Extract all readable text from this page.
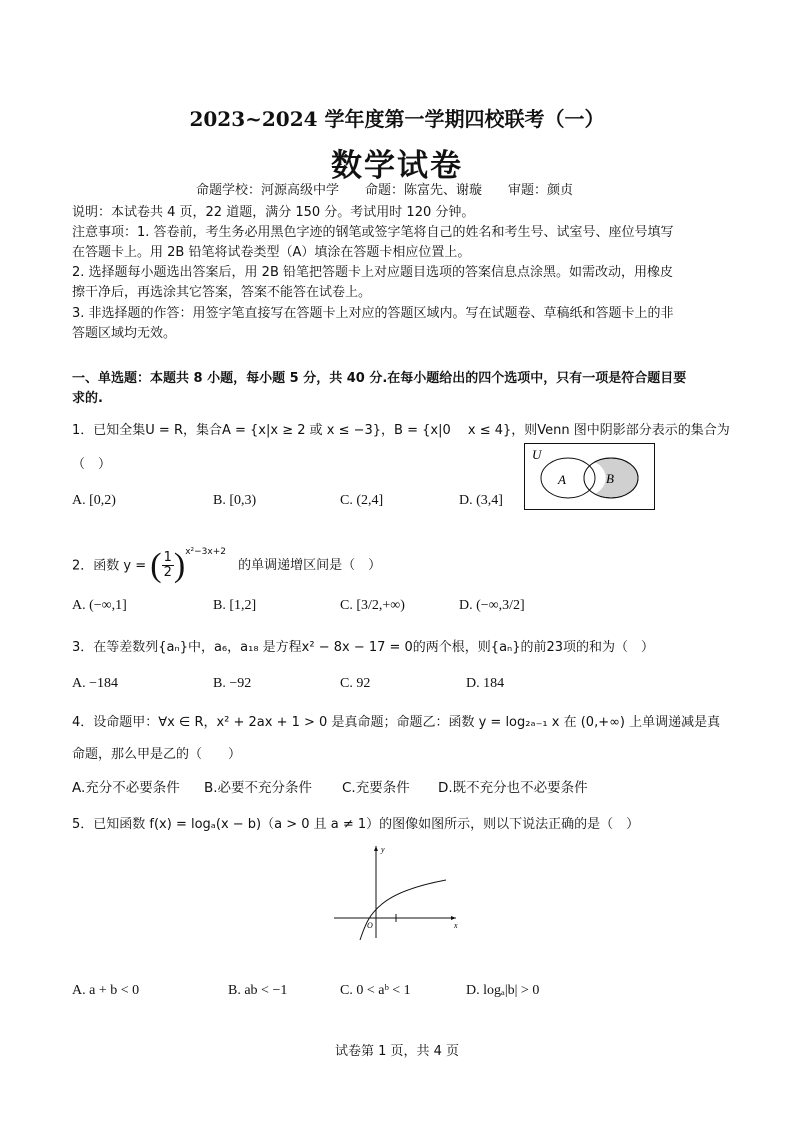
2023~2024 学年度第一学期四校联考（一）
数学试卷
命题学校：河源高级中学　　命题：陈富先、谢璇　　审题：颜贞
说明：本试卷共 4 页，22 道题，满分 150 分。考试用时 120 分钟。
注意事项：1. 答卷前，考生务必用黑色字迹的钢笔或签字笔将自己的姓名和考生号、试室号、座位号填写
在答题卡上。用 2B 铅笔将试卷类型（A）填涂在答题卡相应位置上。
2. 选择题每小题选出答案后，用 2B 铅笔把答题卡上对应题目选项的答案信息点涂黑。如需改动，用橡皮
擦干净后，再选涂其它答案，答案不能答在试卷上。
3. 非选择题的作答：用签字笔直接写在答题卡上对应的答题区域内。写在试题卷、草稿纸和答题卡上的非
答题区域均无效。
一、单选题：本题共 8 小题，每小题 5 分，共 40 分.在每小题给出的四个选项中，只有一项是符合题目要
求的.
1．已知全集U = R，集合A = {x|x ≥ 2 或 x ≤ −3}，B = {x|0 　x ≤ 4}，则Venn 图中阴影部分表示的集合为
（　）
A. [0,2)	B. [0,3)	C. (2,4]	D. (3,4]
U
A	B
2．函数 y = ( $\frac{1}{2} )^{x^2-3x+2}$ 的单调递增区间是（　）
A. (−∞,1]	B. [1,2]	C. [3/2,+∞)	D. (−∞,3/2]
3．在等差数列{aₙ}中，a₆，a₁₈ 是方程x² − 8x − 17 = 0的两个根，则{aₙ}的前23项的和为（　）
A. −184	B. −92	C. 92	D. 184
4．设命题甲：∀x ∈ R，x² + 2ax + 1 > 0 是真命题；命题乙：函数 y = log₂ₐ₋₁ x 在 (0,+∞) 上单调递减是真
命题，那么甲是乙的（　　）
A.充分不必要条件 B.必要不充分条件 C.充要条件 D.既不充分也不必要条件
5．已知函数 f(x) = logₐ(x − b)（a > 0 且 a ≠ 1）的图像如图所示，则以下说法正确的是（　）
y
x
O
A. a + b < 0	B. ab < −1	C. 0 < aᵇ < 1	D. logₐ|b| > 0
试卷第 1 页，共 4 页
